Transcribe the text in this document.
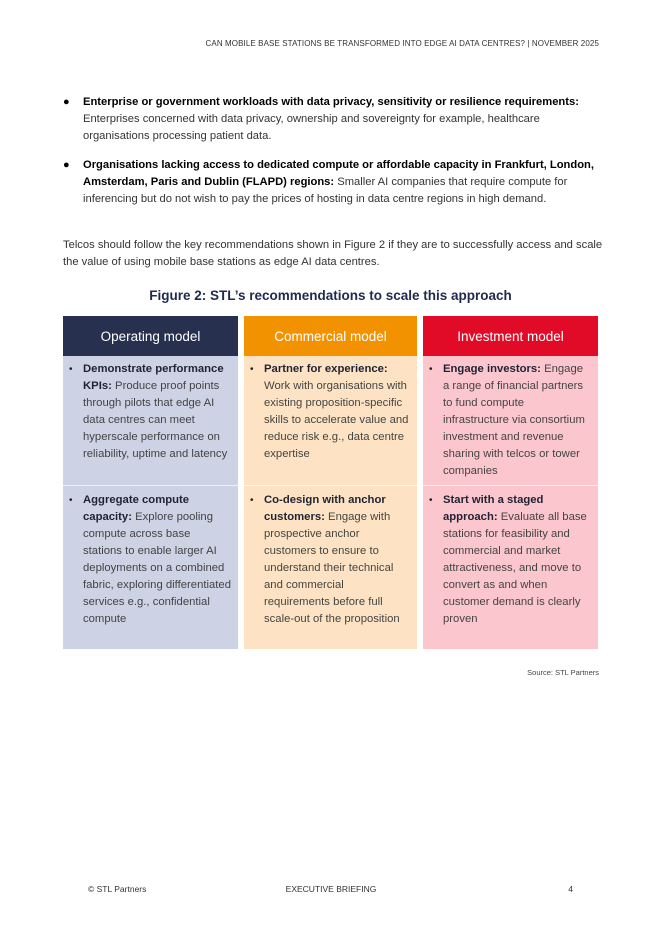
CAN MOBILE BASE STATIONS BE TRANSFORMED INTO EDGE AI DATA CENTRES? | NOVEMBER 2025
● Enterprise or government workloads with data privacy, sensitivity or resilience requirements: Enterprises concerned with data privacy, ownership and sovereignty for example, healthcare organisations processing patient data.
● Organisations lacking access to dedicated compute or affordable capacity in Frankfurt, London, Amsterdam, Paris and Dublin (FLAPD) regions: Smaller AI companies that require compute for inferencing but do not wish to pay the prices of hosting in data centre regions in high demand.

Telcos should follow the key recommendations shown in Figure 2 if they are to successfully access and scale the value of using mobile base stations as edge AI data centres.

Figure 2: STL’s recommendations to scale this approach
Operating model
• Demonstrate performance KPIs: Produce proof points through pilots that edge AI data centres can meet hyperscale performance on reliability, uptime and latency
• Aggregate compute capacity: Explore pooling compute across base stations to enable larger AI deployments on a combined fabric, exploring differentiated services e.g., confidential compute
Commercial model
• Partner for experience: Work with organisations with existing proposition-specific skills to accelerate value and reduce risk e.g., data centre expertise
• Co-design with anchor customers: Engage with prospective anchor customers to ensure to understand their technical and commercial requirements before full scale-out of the proposition
Investment model
• Engage investors: Engage a range of financial partners to fund compute infrastructure via consortium investment and revenue sharing with telcos or tower companies
• Start with a staged approach: Evaluate all base stations for feasibility and commercial and market attractiveness, and move to convert as and when customer demand is clearly proven
Source: STL Partners
© STL Partners	EXECUTIVE BRIEFING	4
